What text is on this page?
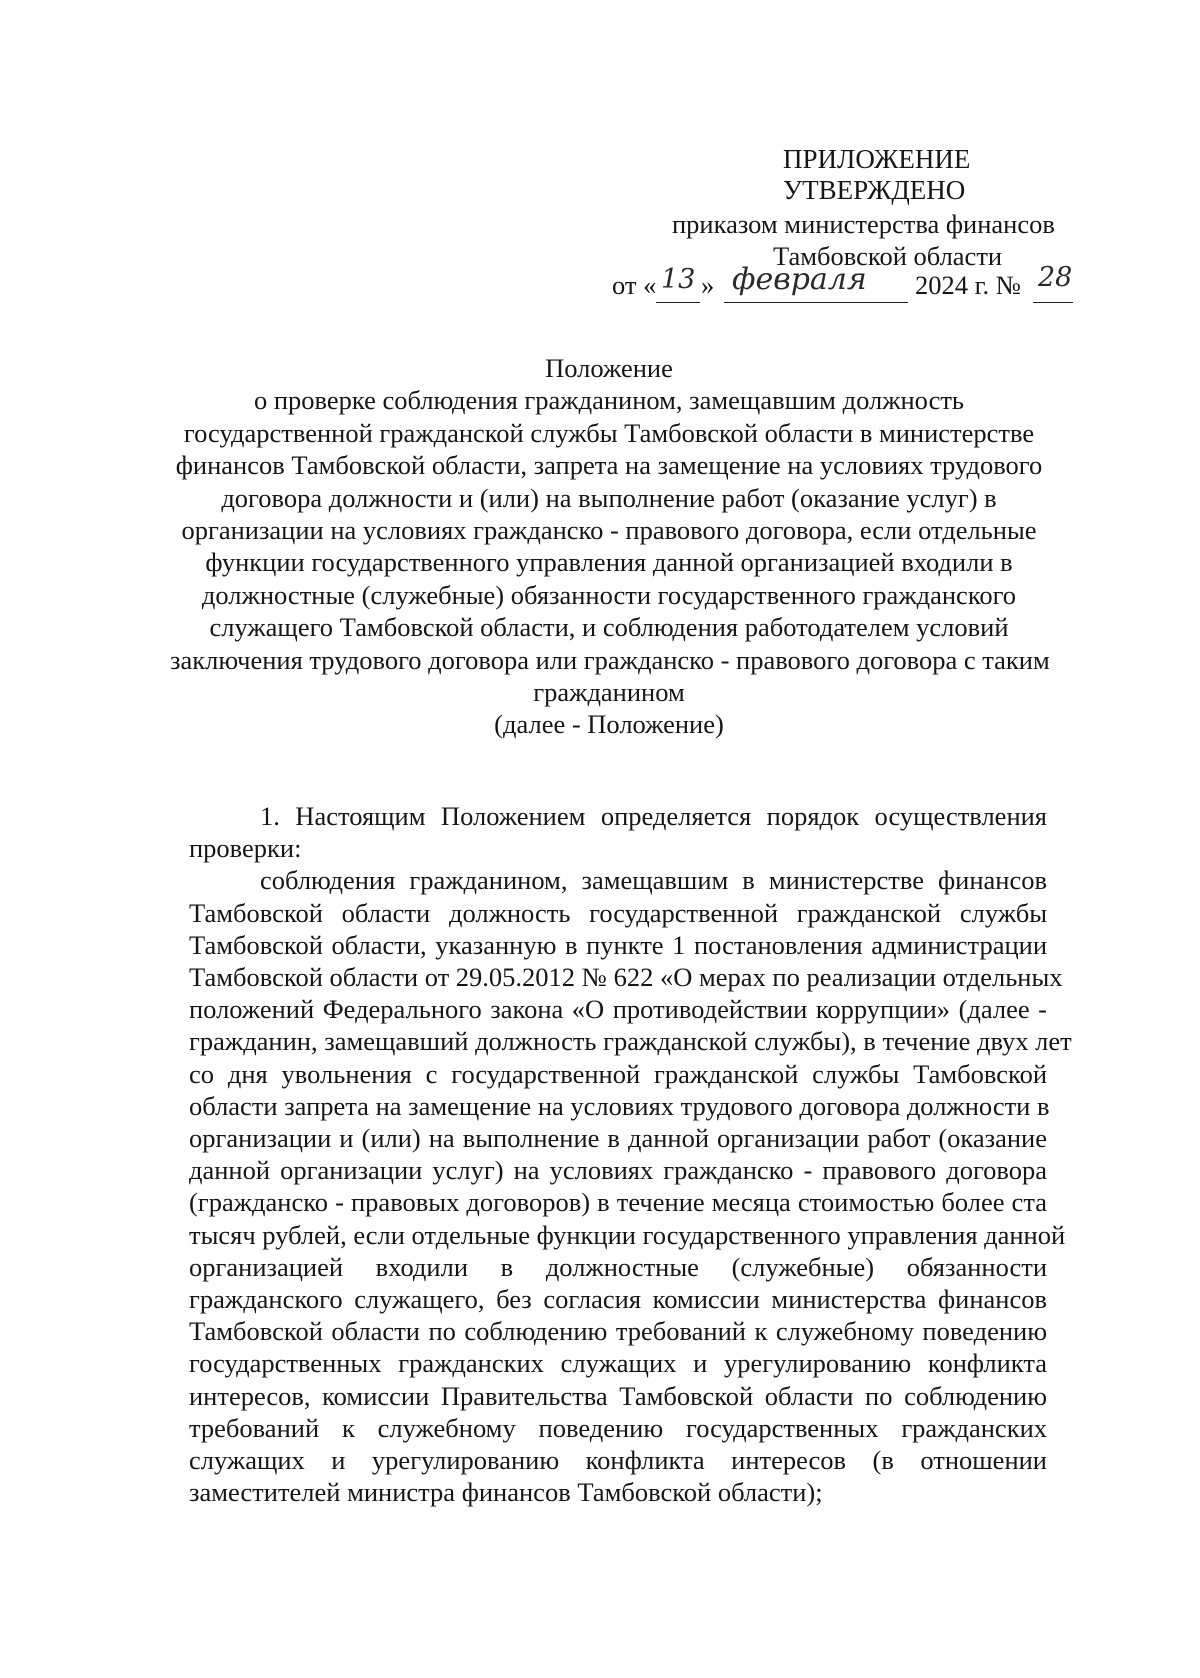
ПРИЛОЖЕНИЕ
УТВЕРЖДЕНО
приказом министерства финансов
Тамбовской области
от « 13 » февраля 2024 г. № 28
Положение
о проверке соблюдения гражданином, замещавшим должность
государственной гражданской службы Тамбовской области в министерстве
финансов Тамбовской области, запрета на замещение на условиях трудового
договора должности и (или) на выполнение работ (оказание услуг) в
организации на условиях гражданско - правового договора, если отдельные
функции государственного управления данной организацией входили в
должностные (служебные) обязанности государственного гражданского
служащего Тамбовской области, и соблюдения работодателем условий
заключения трудового договора или гражданско - правового договора с таким
гражданином
(далее - Положение)
1. Настоящим Положением определяется порядок осуществления
проверки:
соблюдения гражданином, замещавшим в министерстве финансов
Тамбовской области должность государственной гражданской службы
Тамбовской области, указанную в пункте 1 постановления администрации
Тамбовской области от 29.05.2012 № 622 «О мерах по реализации отдельных
положений Федерального закона «О противодействии коррупции» (далее -
гражданин, замещавший должность гражданской службы), в течение двух лет
со дня увольнения с государственной гражданской службы Тамбовской
области запрета на замещение на условиях трудового договора должности в
организации и (или) на выполнение в данной организации работ (оказание
данной организации услуг) на условиях гражданско - правового договора
(гражданско - правовых договоров) в течение месяца стоимостью более ста
тысяч рублей, если отдельные функции государственного управления данной
организацией входили в должностные (служебные) обязанности
гражданского служащего, без согласия комиссии министерства финансов
Тамбовской области по соблюдению требований к служебному поведению
государственных гражданских служащих и урегулированию конфликта
интересов, комиссии Правительства Тамбовской области по соблюдению
требований к служебному поведению государственных гражданских
служащих и урегулированию конфликта интересов (в отношении
заместителей министра финансов Тамбовской области);
